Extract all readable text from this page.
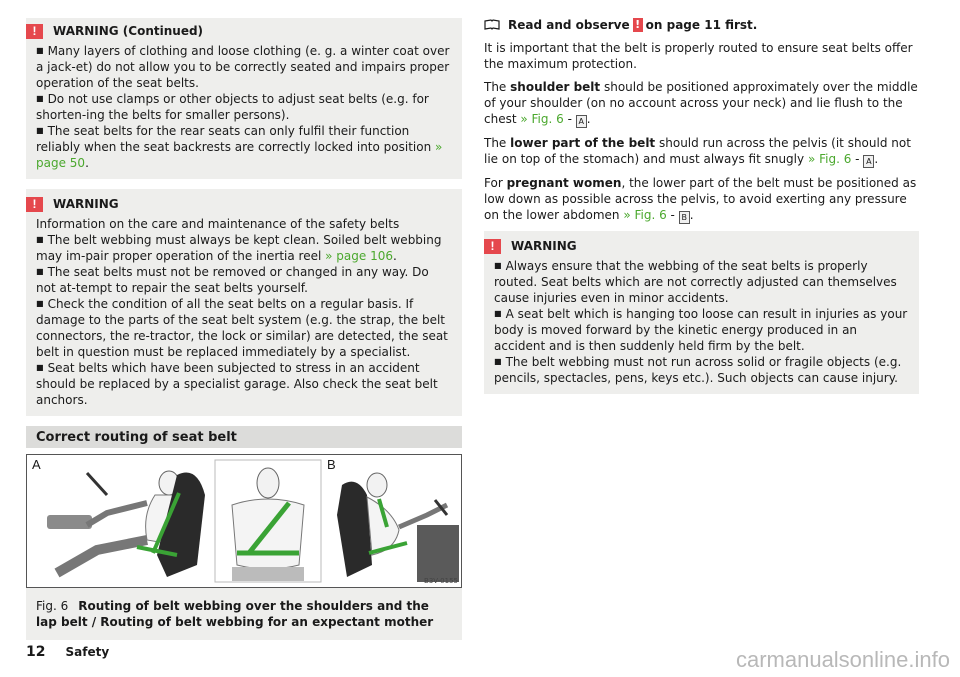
!	WARNING (Continued)

■ Many layers of clothing and loose clothing (e. g. a winter coat over a jack-et) do not allow you to be correctly seated and impairs proper operation of the seat belts.

■ Do not use clamps or other objects to adjust seat belts (e.g. for shorten-ing the belts for smaller persons).

■ The seat belts for the rear seats can only fulfil their function reliably when the seat backrests are correctly locked into position » page 50.

!	WARNING

Information on the care and maintenance of the safety belts

■ The belt webbing must always be kept clean. Soiled belt webbing may im-pair proper operation of the inertia reel » page 106.

■ The seat belts must not be removed or changed in any way. Do not at-tempt to repair the seat belts yourself.

■ Check the condition of all the seat belts on a regular basis. If damage to the parts of the seat belt system (e.g. the strap, the belt connectors, the re-tractor, the lock or similar) are detected, the seat belt in question must be replaced immediately by a specialist.

■ Seat belts which have been subjected to stress in an accident should be replaced by a specialist garage. Also check the seat belt anchors.

Correct routing of seat belt
A	B
B3V-0155
Fig. 6 Routing of belt webbing over the shoulders and the lap belt / Routing of belt webbing for an expectant mother
Read and observe ! on page 11 first.

It is important that the belt is properly routed to ensure seat belts offer the maximum protection.

The shoulder belt should be positioned approximately over the middle of your shoulder (on no account across your neck) and lie flush to the chest » Fig. 6 - A .

The lower part of the belt should run across the pelvis (it should not lie on top of the stomach) and must always fit snugly » Fig. 6 - A .

For pregnant women, the lower part of the belt must be positioned as low down as possible across the pelvis, to avoid exerting any pressure on the lower abdomen » Fig. 6 - B .

!	WARNING

■ Always ensure that the webbing of the seat belts is properly routed. Seat belts which are not correctly adjusted can themselves cause injuries even in minor accidents.

■ A seat belt which is hanging too loose can result in injuries as your body is moved forward by the kinetic energy produced in an accident and is then suddenly held firm by the belt.

■ The belt webbing must not run across solid or fragile objects (e.g. pencils, spectacles, pens, keys etc.). Such objects can cause injury.

12 Safety	carmanualsonline.info
